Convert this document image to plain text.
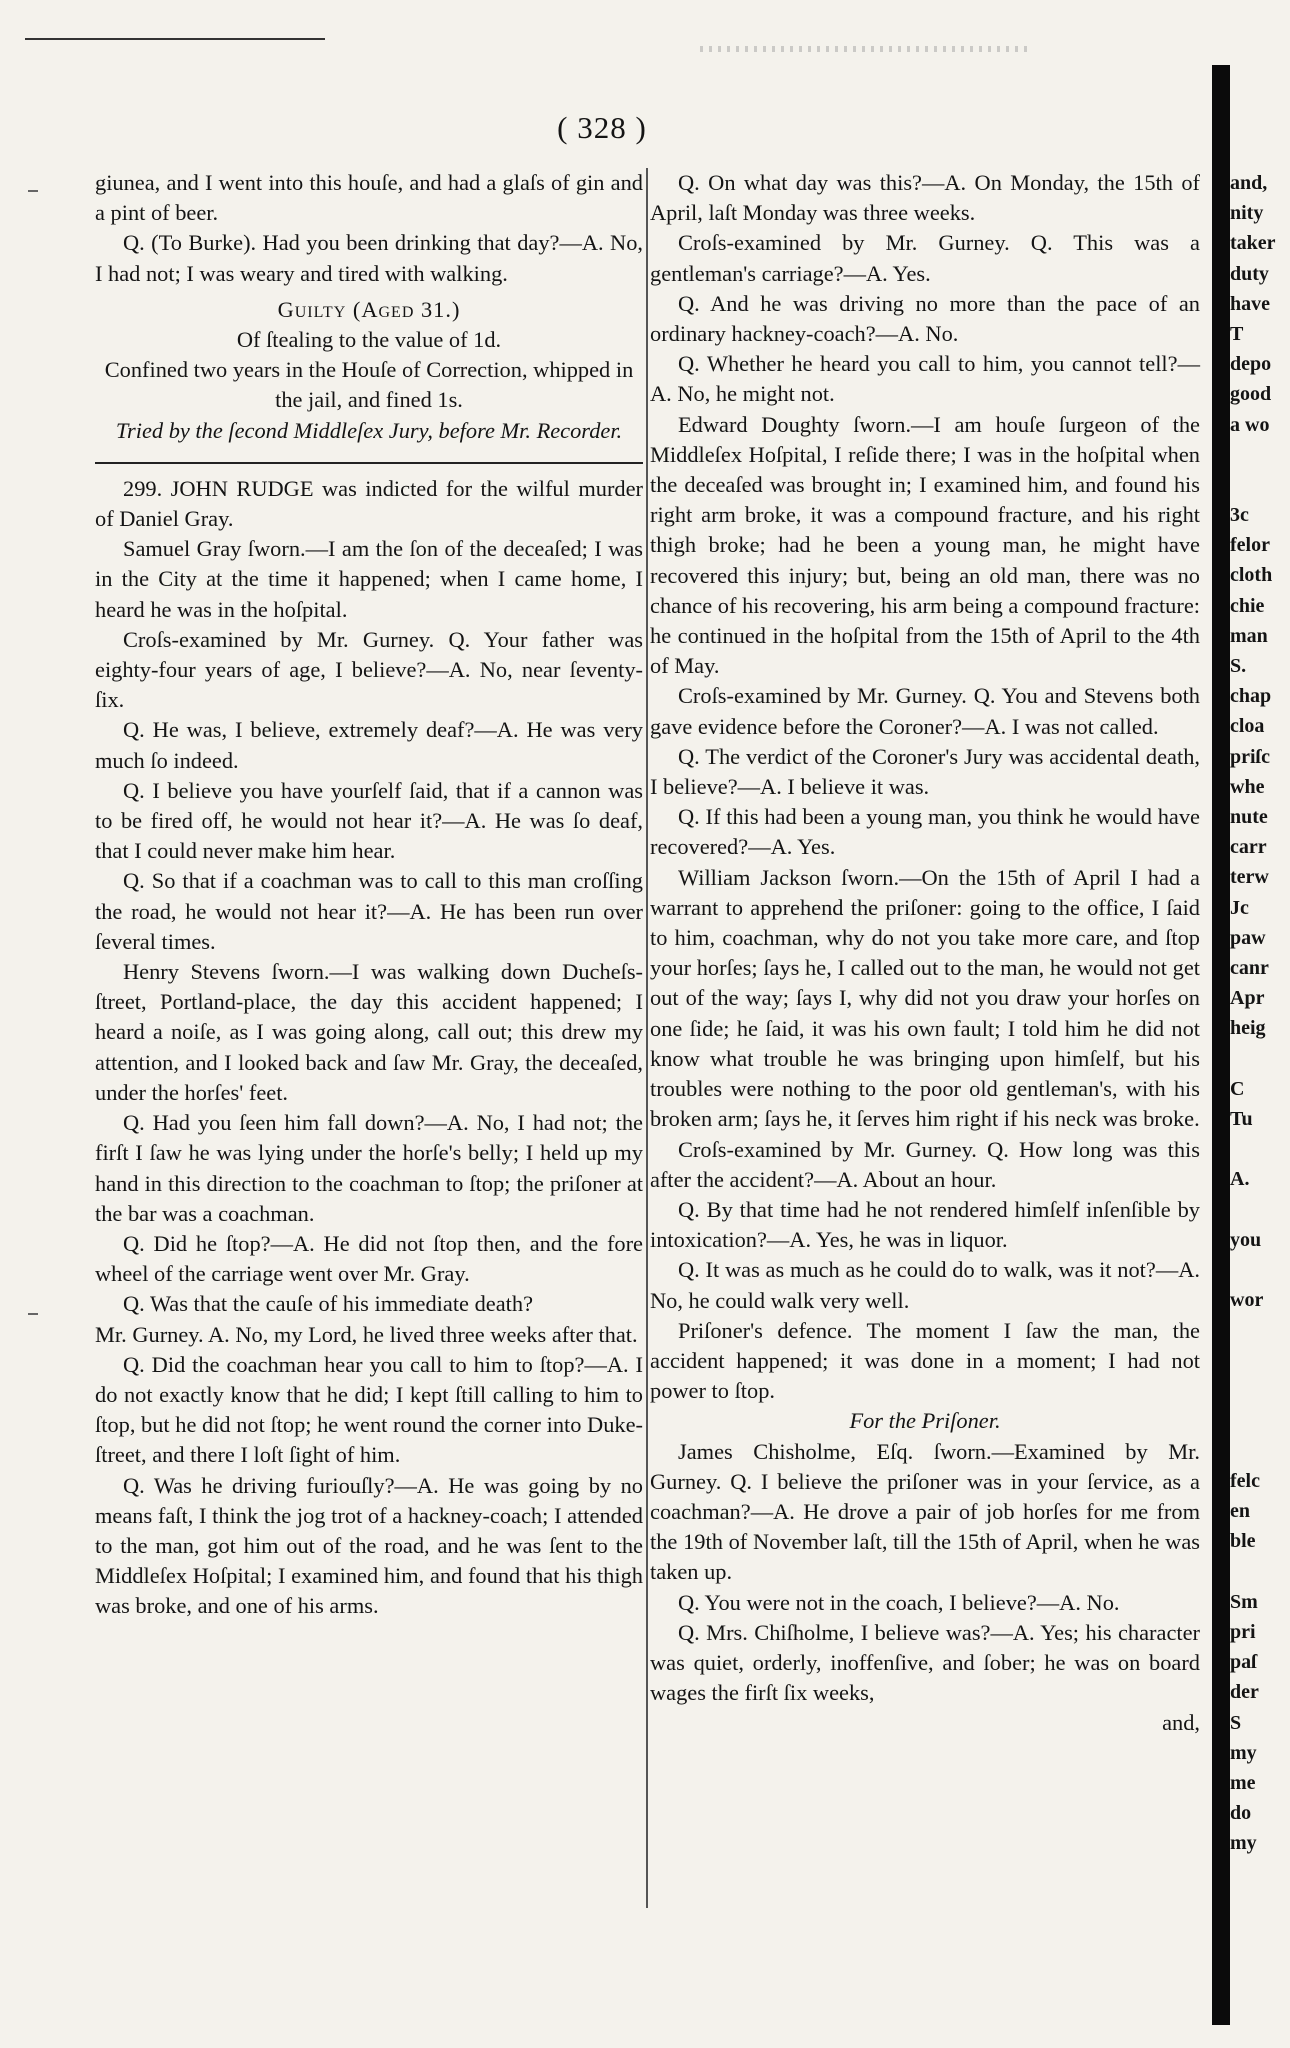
( 328 )

giunea, and I went into this houſe, and had a glaſs of gin and a pint of beer.

Q. (To Burke). Had you been drinking that day?—A. No, I had not; I was weary and tired with walking.

Guilty (Aged 31.)

Of ſtealing to the value of 1d.

Confined two years in the Houſe of Correction, whipped in the jail, and fined 1s.

Tried by the ſecond Middleſex Jury, before Mr. Recorder.

299. JOHN RUDGE was indicted for the wilful murder of Daniel Gray.

Samuel Gray ſworn.—I am the ſon of the deceaſed; I was in the City at the time it happened; when I came home, I heard he was in the hoſpital.

Croſs-examined by Mr. Gurney. Q. Your father was eighty-four years of age, I believe?—A. No, near ſeventy-ſix.

Q. He was, I believe, extremely deaf?—A. He was very much ſo indeed.

Q. I believe you have yourſelf ſaid, that if a cannon was to be fired off, he would not hear it?—A. He was ſo deaf, that I could never make him hear.

Q. So that if a coachman was to call to this man croſſing the road, he would not hear it?—A. He has been run over ſeveral times.

Henry Stevens ſworn.—I was walking down Ducheſs-ſtreet, Portland-place, the day this accident happened; I heard a noiſe, as I was going along, call out; this drew my attention, and I looked back and ſaw Mr. Gray, the deceaſed, under the horſes' feet.

Q. Had you ſeen him fall down?—A. No, I had not; the firſt I ſaw he was lying under the horſe's belly; I held up my hand in this direction to the coachman to ſtop; the priſoner at the bar was a coachman.

Q. Did he ſtop?—A. He did not ſtop then, and the fore wheel of the carriage went over Mr. Gray.

Q. Was that the cauſe of his immediate death?

Mr. Gurney. A. No, my Lord, he lived three weeks after that.

Q. Did the coachman hear you call to him to ſtop?—A. I do not exactly know that he did; I kept ſtill calling to him to ſtop, but he did not ſtop; he went round the corner into Duke-ſtreet, and there I loſt ſight of him.

Q. Was he driving furiouſly?—A. He was going by no means faſt, I think the jog trot of a hackney-coach; I attended to the man, got him out of the road, and he was ſent to the Middleſex Hoſpital; I examined him, and found that his thigh was broke, and one of his arms.

Q. On what day was this?—A. On Monday, the 15th of April, laſt Monday was three weeks.

Croſs-examined by Mr. Gurney. Q. This was a gentleman's carriage?—A. Yes.

Q. And he was driving no more than the pace of an ordinary hackney-coach?—A. No.

Q. Whether he heard you call to him, you cannot tell?—A. No, he might not.

Edward Doughty ſworn.—I am houſe ſurgeon of the Middleſex Hoſpital, I reſide there; I was in the hoſpital when the deceaſed was brought in; I examined him, and found his right arm broke, it was a compound fracture, and his right thigh broke; had he been a young man, he might have recovered this injury; but, being an old man, there was no chance of his recovering, his arm being a compound fracture: he continued in the hoſpital from the 15th of April to the 4th of May.

Croſs-examined by Mr. Gurney. Q. You and Stevens both gave evidence before the Coroner?—A. I was not called.

Q. The verdict of the Coroner's Jury was accidental death, I believe?—A. I believe it was.

Q. If this had been a young man, you think he would have recovered?—A. Yes.

William Jackson ſworn.—On the 15th of April I had a warrant to apprehend the priſoner: going to the office, I ſaid to him, coachman, why do not you take more care, and ſtop your horſes; ſays he, I called out to the man, he would not get out of the way; ſays I, why did not you draw your horſes on one ſide; he ſaid, it was his own fault; I told him he did not know what trouble he was bringing upon himſelf, but his troubles were nothing to the poor old gentleman's, with his broken arm; ſays he, it ſerves him right if his neck was broke.

Croſs-examined by Mr. Gurney. Q. How long was this after the accident?—A. About an hour.

Q. By that time had he not rendered himſelf inſenſible by intoxication?—A. Yes, he was in liquor.

Q. It was as much as he could do to walk, was it not?—A. No, he could walk very well.

Priſoner's defence. The moment I ſaw the man, the accident happened; it was done in a moment; I had not power to ſtop.

For the Priſoner.

James Chisholme, Eſq. ſworn.—Examined by Mr. Gurney. Q. I believe the priſoner was in your ſervice, as a coachman?—A. He drove a pair of job horſes for me from the 19th of November laſt, till the 15th of April, when he was taken up.

Q. You were not in the coach, I believe?—A. No.

Q. Mrs. Chiſholme, I believe was?—A. Yes; his character was quiet, orderly, inoffenſive, and ſober; he was on board wages the firſt ſix weeks,

and,

and,
nity
taker
duty
have
T
depo
good
a wo
3c
felor
cloth
chie
man
S.
chap
cloa
priſc
whe
nute
carr
terw
Jc
paw
canr
Apr
heig
C
Tu
A.
you
wor
felc
en
ble
Sm
pri
paſ
der
S
my
me
do
my
